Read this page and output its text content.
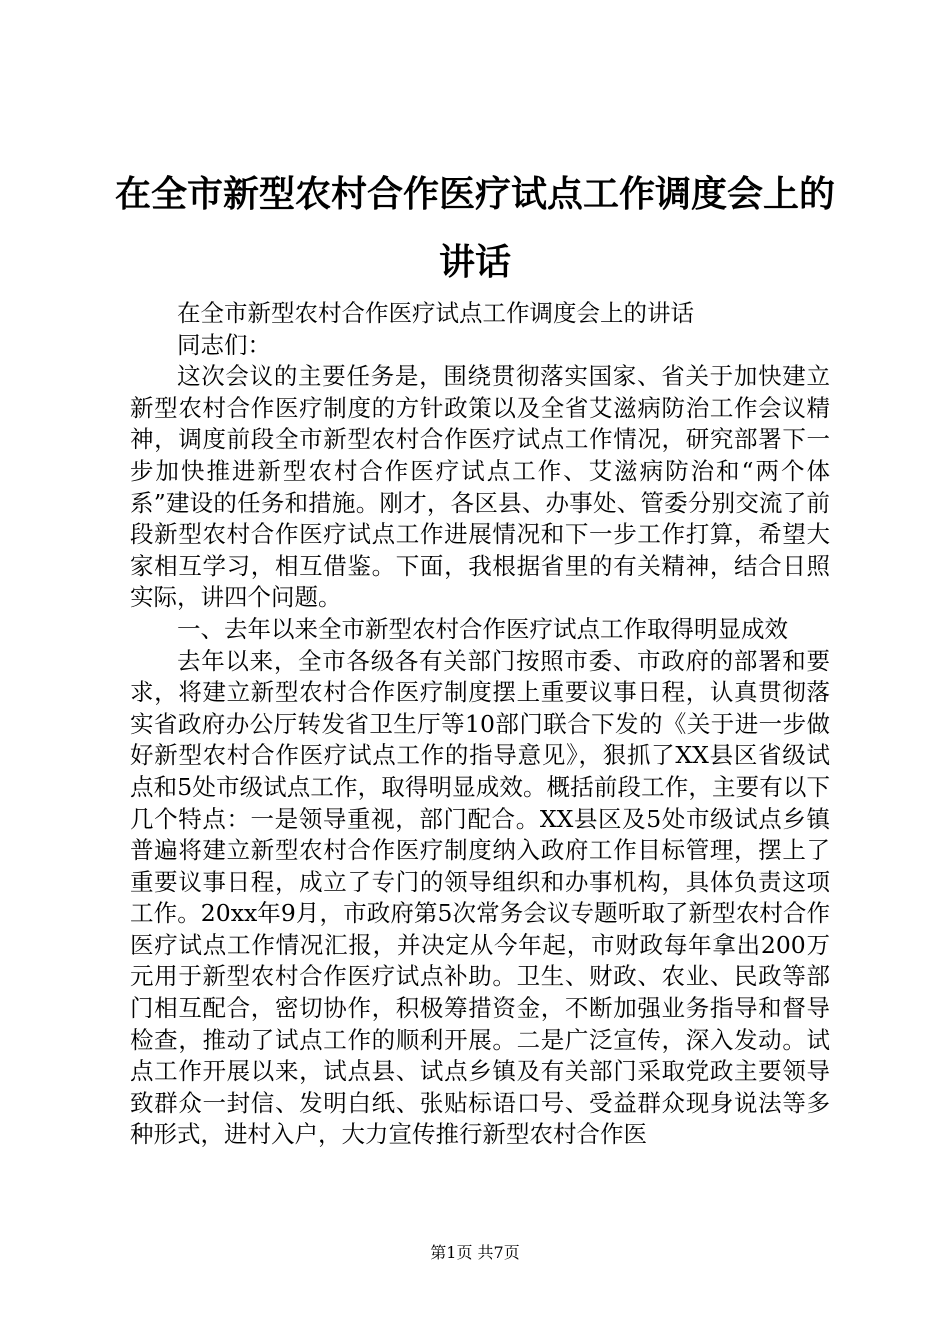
在全市新型农村合作医疗试点工作调度会上的讲话

在全市新型农村合作医疗试点工作调度会上的讲话

同志们：

这次会议的主要任务是，围绕贯彻落实国家、省关于加快建立新型农村合作医疗制度的方针政策以及全省艾滋病防治工作会议精神，调度前段全市新型农村合作医疗试点工作情况，研究部署下一步加快推进新型农村合作医疗试点工作、艾滋病防治和“两个体系”建设的任务和措施。刚才，各区县、办事处、管委分别交流了前段新型农村合作医疗试点工作进展情况和下一步工作打算，希望大家相互学习，相互借鉴。下面，我根据省里的有关精神，结合日照实际，讲四个问题。

一、去年以来全市新型农村合作医疗试点工作取得明显成效

去年以来，全市各级各有关部门按照市委、市政府的部署和要求，将建立新型农村合作医疗制度摆上重要议事日程，认真贯彻落实省政府办公厅转发省卫生厅等10部门联合下发的《关于进一步做好新型农村合作医疗试点工作的指导意见》，狠抓了XX县区省级试点和5处市级试点工作，取得明显成效。概括前段工作，主要有以下几个特点：一是领导重视，部门配合。XX县区及5处市级试点乡镇普遍将建立新型农村合作医疗制度纳入政府工作目标管理，摆上了重要议事日程，成立了专门的领导组织和办事机构，具体负责这项工作。20xx年9月，市政府第5次常务会议专题听取了新型农村合作医疗试点工作情况汇报，并决定从今年起，市财政每年拿出200万元用于新型农村合作医疗试点补助。卫生、财政、农业、民政等部门相互配合，密切协作，积极筹措资金，不断加强业务指导和督导检查，推动了试点工作的顺利开展。二是广泛宣传，深入发动。试点工作开展以来，试点县、试点乡镇及有关部门采取党政主要领导致群众一封信、发明白纸、张贴标语口号、受益群众现身说法等多种形式，进村入户，大力宣传推行新型农村合作医

第1页 共7页
